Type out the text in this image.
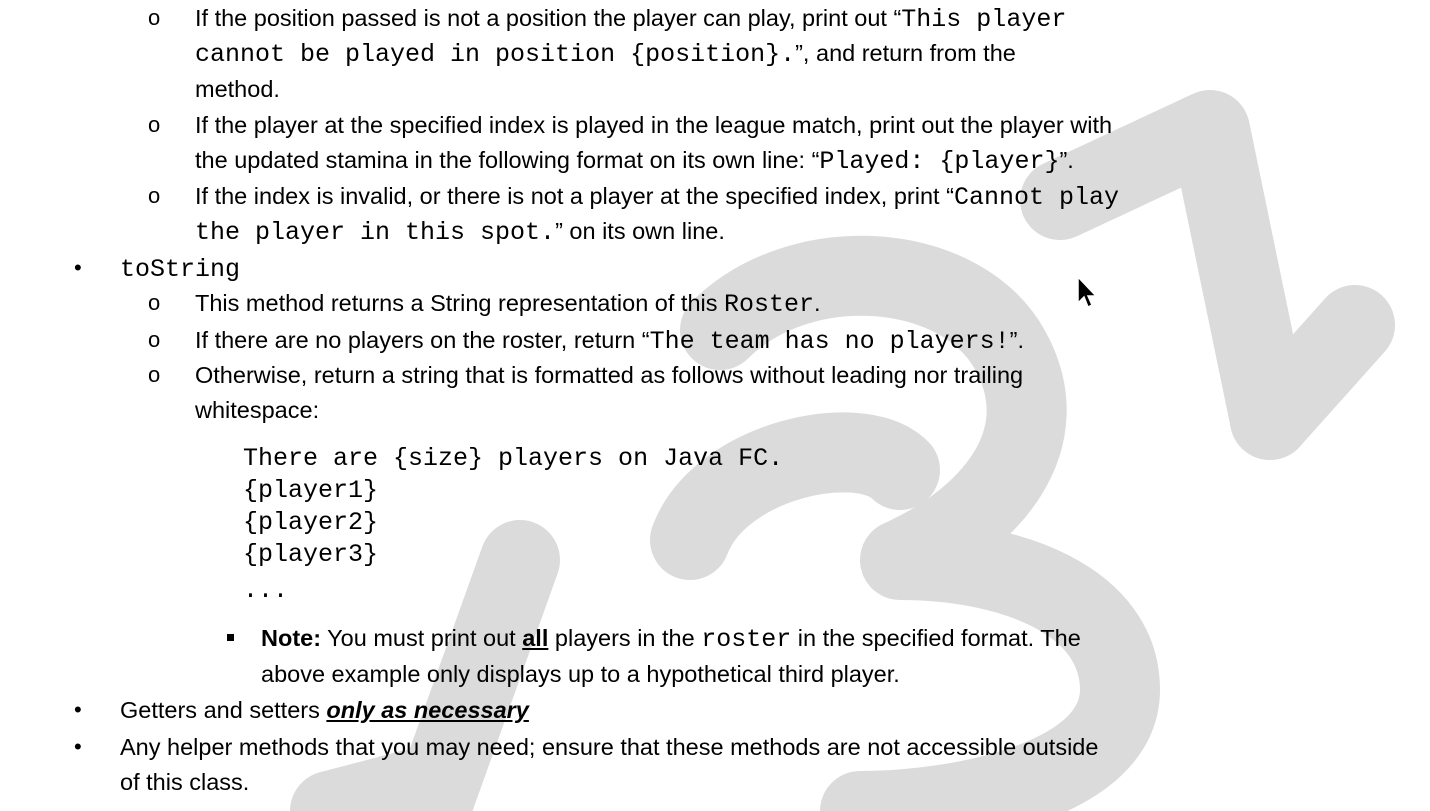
o If the position passed is not a position the player can play, print out “This player
cannot be played in position {position}.”, and return from the
method.
o If the player at the specified index is played in the league match, print out the player with
the updated stamina in the following format on its own line: “Played: {player}”.
o If the index is invalid, or there is not a player at the specified index, print “Cannot play
the player in this spot.” on its own line.
• toString
o This method returns a String representation of this Roster.
o If there are no players on the roster, return “The team has no players!”.
o Otherwise, return a string that is formatted as follows without leading nor trailing
whitespace:
There are {size} players on Java FC.
{player1}
{player2}
{player3}
...
Note: You must print out all players in the roster in the specified format. The
above example only displays up to a hypothetical third player.
• Getters and setters only as necessary
• Any helper methods that you may need; ensure that these methods are not accessible outside
of this class.
